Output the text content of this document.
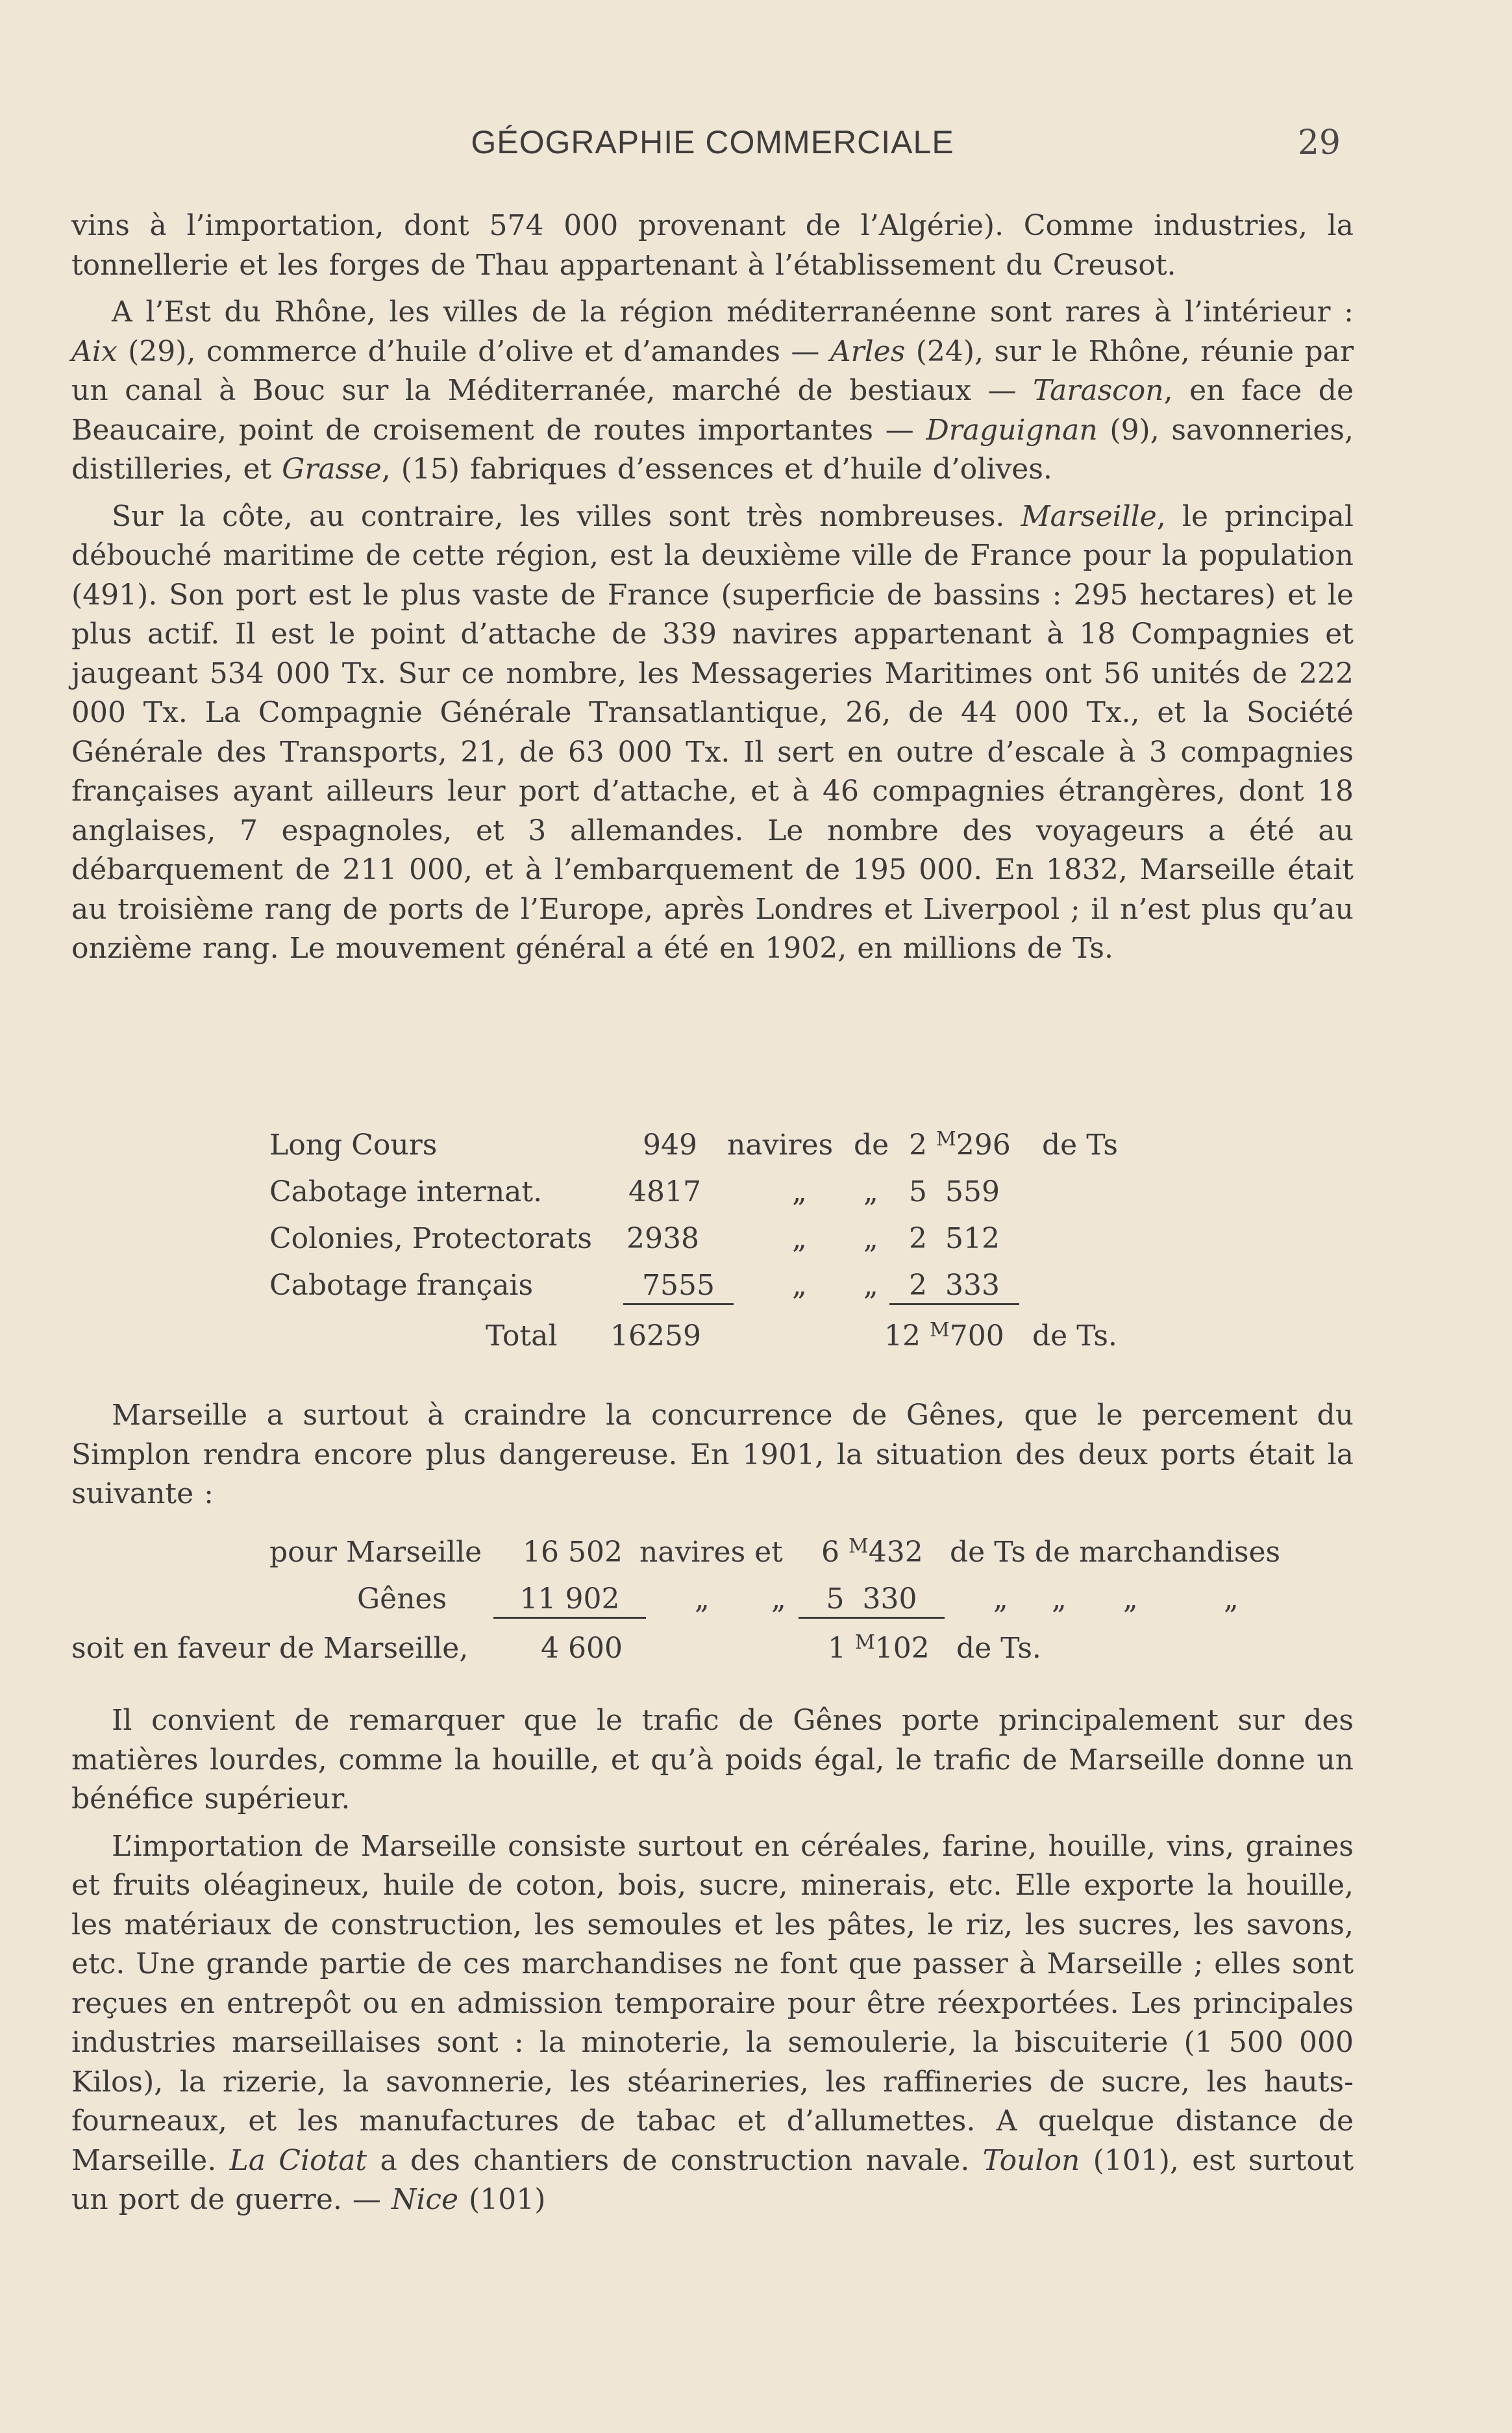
GÉOGRAPHIE COMMERCIALE	29

vins à l’importation, dont 574 000 provenant de l’Algérie). Comme industries, la tonnellerie et les forges de Thau appartenant à l’établissement du Creusot.

A l’Est du Rhône, les villes de la région méditerranéenne sont rares à l’intérieur : Aix (29), commerce d’huile d’olive et d’amandes — Arles (24), sur le Rhône, réunie par un canal à Bouc sur la Méditerranée, marché de bestiaux — Tarascon, en face de Beaucaire, point de croisement de routes importantes — Draguignan (9), savonneries, distilleries, et Grasse, (15) fabriques d’essences et d’huile d’olives.

Sur la côte, au contraire, les villes sont très nombreuses. Marseille, le principal débouché maritime de cette région, est la deuxième ville de France pour la population (491). Son port est le plus vaste de France (superficie de bassins : 295 hectares) et le plus actif. Il est le point d’attache de 339 navires appartenant à 18 Compagnies et jaugeant 534 000 Tx. Sur ce nombre, les Messageries Maritimes ont 56 unités de 222 000 Tx. La Compagnie Générale Transatlantique, 26, de 44 000 Tx., et la Société Générale des Transports, 21, de 63 000 Tx. Il sert en outre d’escale à 3 compagnies françaises ayant ailleurs leur port d’attache, et à 46 compagnies étrangères, dont 18 anglaises, 7 espagnoles, et 3 allemandes. Le nombre des voyageurs a été au débarquement de 211 000, et à l’embarquement de 195 000. En 1832, Marseille était au troisième rang de ports de l’Europe, après Londres et Liverpool ; il n’est plus qu’au onzième rang. Le mouvement général a été en 1902, en millions de Ts.

Long Cours	949 navires de 2 $^M$296 de Ts
Cabotage internat.	4817	„ „ 5 559
Colonies, Protectorats 2938	„ „ 2 512
Cabotage français	7555	„ „	2 333
Total 16259	12 $^M$700 de Ts.

Marseille a surtout à craindre la concurrence de Gênes, que le percement du Simplon rendra encore plus dangereuse. En 1901, la situation des deux ports était la suivante :

pour Marseille 16 502 navires et 6 $^M$432 de Ts de marchandises
Gênes	11 902	„ „	5 330	„ „ „	„
soit en faveur de Marseille,	4 600	1 $^M$102 de Ts.

Il convient de remarquer que le trafic de Gênes porte principalement sur des matières lourdes, comme la houille, et qu’à poids égal, le trafic de Marseille donne un bénéfice supérieur.

L’importation de Marseille consiste surtout en céréales, farine, houille, vins, graines et fruits oléagineux, huile de coton, bois, sucre, minerais, etc. Elle exporte la houille, les matériaux de construction, les semoules et les pâtes, le riz, les sucres, les savons, etc. Une grande partie de ces marchandises ne font que passer à Marseille ; elles sont reçues en entrepôt ou en admission temporaire pour être réexportées. Les principales industries marseillaises sont : la minoterie, la semoulerie, la biscuiterie (1 500 000 Kilos), la rizerie, la savonnerie, les stéarineries, les raffineries de sucre, les hauts-fourneaux, et les manufactures de tabac et d’allumettes. A quelque distance de Marseille. La Ciotat a des chantiers de construction navale. Toulon (101), est surtout un port de guerre. — Nice (101)
